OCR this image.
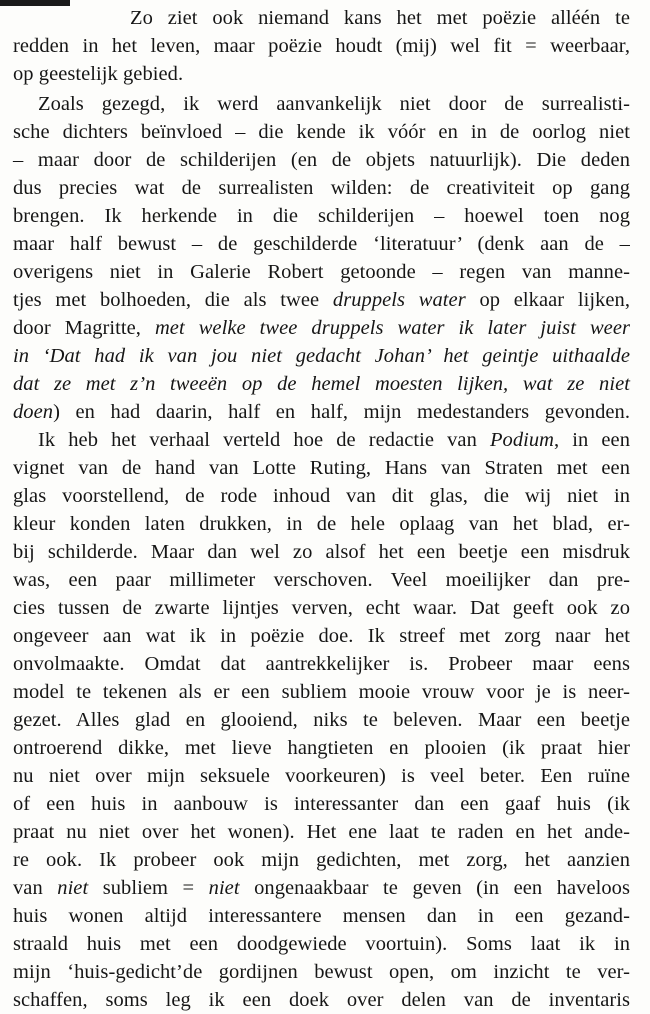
Zo ziet ook niemand kans het met poëzie alléén te
redden in het leven, maar poëzie houdt (mij) wel fit = weerbaar,
op geestelijk gebied.
Zoals gezegd, ik werd aanvankelijk niet door de surrealisti-
sche dichters beïnvloed – die kende ik vóór en in de oorlog niet
– maar door de schilderijen (en de objets natuurlijk). Die deden
dus precies wat de surrealisten wilden: de creativiteit op gang
brengen. Ik herkende in die schilderijen – hoewel toen nog
maar half bewust – de geschilderde ‘literatuur’ (denk aan de –
overigens niet in Galerie Robert getoonde – regen van manne-
tjes met bolhoeden, die als twee druppels water op elkaar lijken,
door Magritte, met welke twee druppels water ik later juist weer
in ‘Dat had ik van jou niet gedacht Johan’ het geintje uithaalde
dat ze met z’n tweeën op de hemel moesten lijken, wat ze niet
doen) en had daarin, half en half, mijn medestanders gevonden.
Ik heb het verhaal verteld hoe de redactie van Podium, in een
vignet van de hand van Lotte Ruting, Hans van Straten met een
glas voorstellend, de rode inhoud van dit glas, die wij niet in
kleur konden laten drukken, in de hele oplaag van het blad, er-
bij schilderde. Maar dan wel zo alsof het een beetje een misdruk
was, een paar millimeter verschoven. Veel moeilijker dan pre-
cies tussen de zwarte lijntjes verven, echt waar. Dat geeft ook zo
ongeveer aan wat ik in poëzie doe. Ik streef met zorg naar het
onvolmaakte. Omdat dat aantrekkelijker is. Probeer maar eens
model te tekenen als er een subliem mooie vrouw voor je is neer-
gezet. Alles glad en glooiend, niks te beleven. Maar een beetje
ontroerend dikke, met lieve hangtieten en plooien (ik praat hier
nu niet over mijn seksuele voorkeuren) is veel beter. Een ruïne
of een huis in aanbouw is interessanter dan een gaaf huis (ik
praat nu niet over het wonen). Het ene laat te raden en het ande-
re ook. Ik probeer ook mijn gedichten, met zorg, het aanzien
van niet subliem = niet ongenaakbaar te geven (in een haveloos
huis wonen altijd interessantere mensen dan in een gezand-
straald huis met een doodgewiede voortuin). Soms laat ik in
mijn ‘huis-gedicht’de gordijnen bewust open, om inzicht te ver-
schaffen, soms leg ik een doek over delen van de inventaris
